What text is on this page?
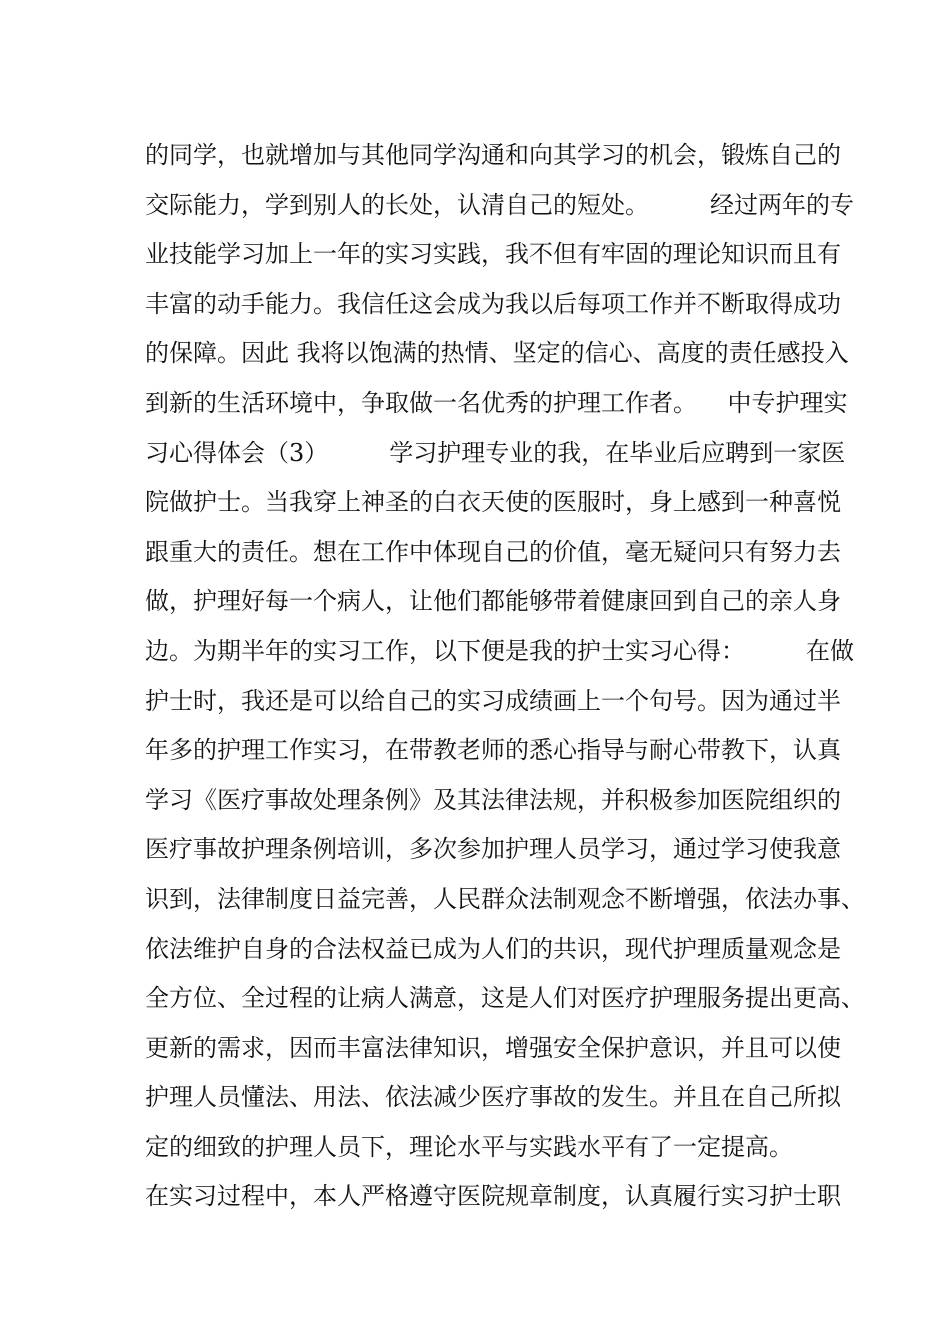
的同学，也就增加与其他同学沟通和向其学习的机会，锻炼自己的
交际能力，学到别人的长处，认清自己的短处。        经过两年的专
业技能学习加上一年的实习实践，我不但有牢固的理论知识而且有
丰富的动手能力。我信任这会成为我以后每项工作并不断取得成功
的保障。因此 我将以饱满的热情、坚定的信心、高度的责任感投入
到新的生活环境中，争取做一名优秀的护理工作者。    中专护理实
习心得体会（3）        学习护理专业的我，在毕业后应聘到一家医
院做护士。当我穿上神圣的白衣天使的医服时，身上感到一种喜悦
跟重大的责任。想在工作中体现自己的价值，毫无疑问只有努力去
做，护理好每一个病人，让他们都能够带着健康回到自己的亲人身
边。为期半年的实习工作，以下便是我的护士实习心得：        在做
护士时，我还是可以给自己的实习成绩画上一个句号。因为通过半
年多的护理工作实习，在带教老师的悉心指导与耐心带教下，认真
学习《医疗事故处理条例》及其法律法规，并积极参加医院组织的
医疗事故护理条例培训，多次参加护理人员学习，通过学习使我意
识到，法律制度日益完善，人民群众法制观念不断增强，依法办事、
依法维护自身的合法权益已成为人们的共识，现代护理质量观念是
全方位、全过程的让病人满意，这是人们对医疗护理服务提出更高、
更新的需求，因而丰富法律知识，增强安全保护意识，并且可以使
护理人员懂法、用法、依法减少医疗事故的发生。并且在自己所拟
定的细致的护理人员下，理论水平与实践水平有了一定提高。
在实习过程中，本人严格遵守医院规章制度，认真履行实习护士职
